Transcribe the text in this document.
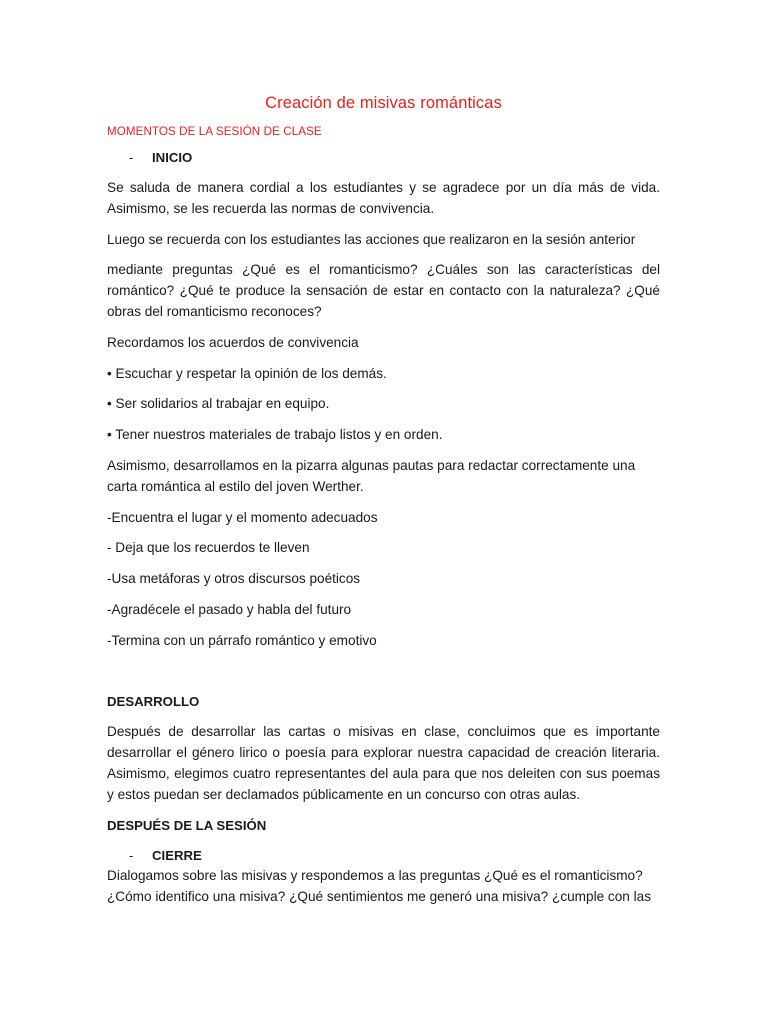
Creación de misivas románticas
MOMENTOS DE LA SESIÓN DE CLASE
-	INICIO

Se saluda de manera cordial a los estudiantes y se agradece por un día más de vida. Asimismo, se les recuerda las normas de convivencia.

Luego se recuerda con los estudiantes las acciones que realizaron en la sesión anterior

mediante preguntas ¿Qué es el romanticismo? ¿Cuáles son las características del romántico? ¿Qué te produce la sensación de estar en contacto con la naturaleza? ¿Qué obras del romanticismo reconoces?

Recordamos los acuerdos de convivencia

• Escuchar y respetar la opinión de los demás.

• Ser solidarios al trabajar en equipo.

• Tener nuestros materiales de trabajo listos y en orden.

Asimismo, desarrollamos en la pizarra algunas pautas para redactar correctamente una carta romántica al estilo del joven Werther.

-Encuentra el lugar y el momento adecuados

- Deja que los recuerdos te lleven

-Usa metáforas y otros discursos poéticos

-Agradécele el pasado y habla del futuro

-Termina con un párrafo romántico y emotivo

DESARROLLO

Después de desarrollar las cartas o misivas en clase, concluimos que es importante desarrollar el género lirico o poesía para explorar nuestra capacidad de creación literaria. Asimismo, elegimos cuatro representantes del aula para que nos deleiten con sus poemas y estos puedan ser declamados públicamente en un concurso con otras aulas.

DESPUÉS DE LA SESIÓN
-	CIERRE

Dialogamos sobre las misivas y respondemos a las preguntas ¿Qué es el romanticismo? ¿Cómo identifico una misiva? ¿Qué sentimientos me generó una misiva? ¿cumple con las
